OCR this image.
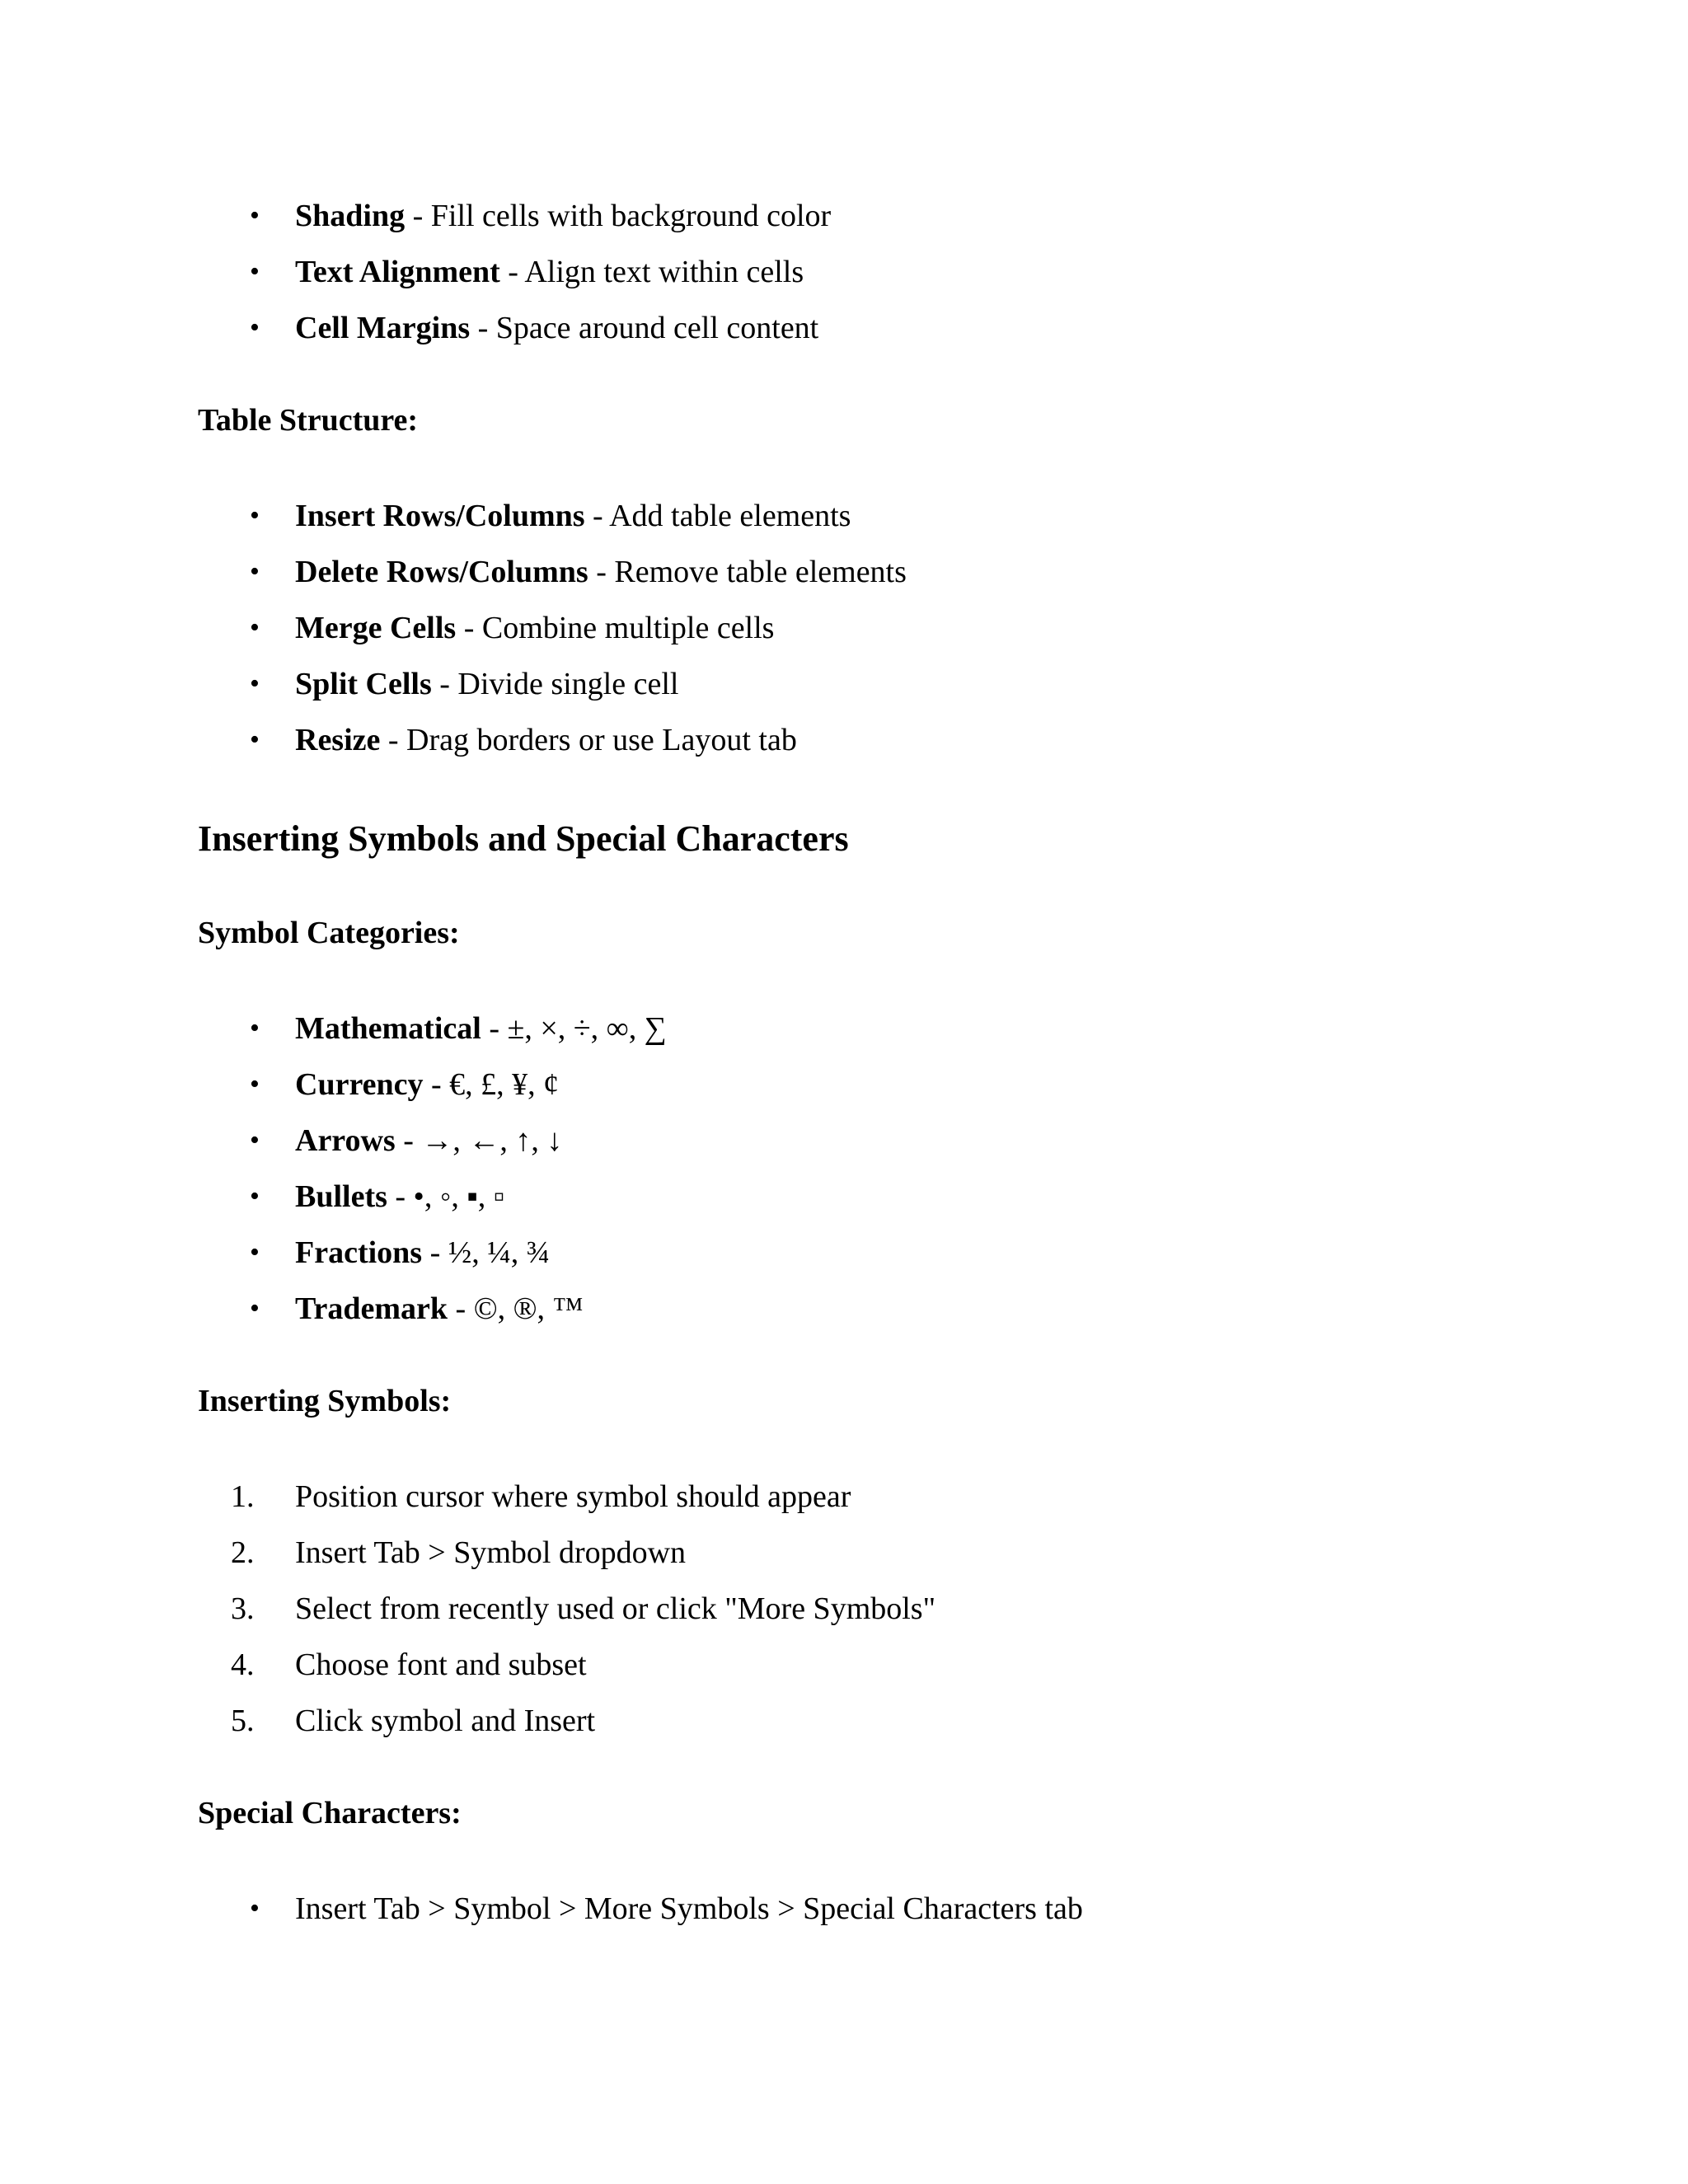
• Shading - Fill cells with background color
• Text Alignment - Align text within cells
• Cell Margins - Space around cell content
Table Structure:
• Insert Rows/Columns - Add table elements
• Delete Rows/Columns - Remove table elements
• Merge Cells - Combine multiple cells
• Split Cells - Divide single cell
• Resize - Drag borders or use Layout tab
Inserting Symbols and Special Characters
Symbol Categories:
• Mathematical - ±, ×, ÷, ∞, ∑
• Currency - €, £, ¥, ¢
• Arrows - →, ←, ↑, ↓
• Bullets - •, ◦, ▪, ▫
• Fractions - ½, ¼, ¾
• Trademark - ©, ®, ™
Inserting Symbols:
1.	Position cursor where symbol should appear
2.	Insert Tab > Symbol dropdown
3.	Select from recently used or click "More Symbols"
4.	Choose font and subset
5.	Click symbol and Insert
Special Characters:
• Insert Tab > Symbol > More Symbols > Special Characters tab
